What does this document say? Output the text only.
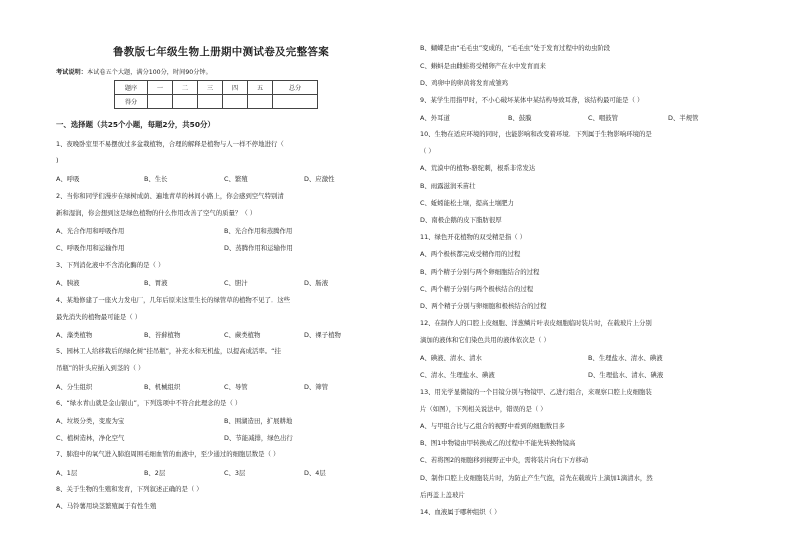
鲁教版七年级生物上册期中测试卷及完整答案
考试说明：本试卷五个大题，满分100分，时间90分钟。
题序	一	二	三	四	五	总分
得分						
一、选择题（共25个小题，每题2分，共50分）
1、夜晚卧室里不易摆放过多盆栽植物，合理的解释是植物与人一样不停地进行（
)
A、呼吸	B、生长	C、繁殖	D、应激性
2、当你和同学们漫步在绿树成荫、遍地青草的林间小路上，你会感到空气特别清
新和湿润，你会想到这是绿色植物的什么作用改善了空气的质量？（ ）
A、光合作用和呼吸作用	B、光合作用和蒸腾作用
C、呼吸作用和运输作用	D、蒸腾作用和运输作用
3、下列消化液中不含消化酶的是（ ）
A、胰液	B、胃液	C、胆汁	D、肠液
4、某地修建了一座火力发电厂，几年后原来这里生长的绿管草的植物不见了．这些
最先消失的植物最可能是（ ）
A、藻类植物	B、苔藓植物	C、蕨类植物	D、裸子植物
5、园林工人给移栽后的绿化树“挂吊瓶”，补充水和无机盐，以提高成活率。“挂
吊瓶”的针头应插入到茎的（ ）
A、分生组织	B、机械组织	C、导管	D、筛管
6、“绿水青山就是金山银山”，下列选项中不符合此理念的是（ ）
A、垃圾分类，变废为宝	B、围湖造田，扩展耕地
C、植树造林，净化空气	D、节能减排，绿色出行
7、肺泡中的氧气进入肺泡周围毛细血管的血液中，至少通过的细胞层数是（ ）
A、1层	B、2层	C、3层	D、4层
8、关于生物的生殖和发育，下列叙述正确的是（ ）
A、马铃薯用块茎繁殖属于有性生殖
B、蝴蝶是由“毛毛虫”变成的，“毛毛虫”处于发育过程中的幼虫阶段
C、蝌蚪是由雌蛙将受精卵产在水中发育而来
D、鸡卵中的卵黄将发育成雏鸡
9、某学生用指甲时，不小心破坏某体中某结构导致耳聋，该结构最可能是（ ）
A、外耳道	B、鼓膜	C、咽鼓管	D、半规管
10、生物在适应环境的同时，也能影响和改变着环境．下列属于生物影响环境的是
（ ）
A、荒漠中的植物-骆驼刺，根系非常发达
B、雨露滋润禾苗壮
C、蚯蚓能松土壤，提高土壤肥力
D、南极企鹅的皮下脂肪很厚
11、绿色开花植物的双受精是指（ ）
A、两个极核都完成受精作用的过程
B、两个精子分别与两个卵细胞结合的过程
C、两个精子分别与两个极核结合的过程
D、两个精子分别与卵细胞和极核结合的过程
12、在制作人的口腔上皮细胞、洋葱鳞片叶表皮细胞临时装片时，在载玻片上分别
滴加的液体和它们染色共用的液体依次是（ ）
A、碘液、清水、清水	B、生理盐水、清水、碘液
C、清水、生理盐水、碘液	D、生理盐水、清水、碘液
13、用光学显微镜的一个目镜分别与物镜甲、乙进行组合，来观察口腔上皮细胞装
片（如图），下列相关说法中，错误的是（ ）
A、与甲组合比与乙组合的视野中看到的细胞数目多
B、图1中物镜由甲转换成乙的过程中不能先转换物镜高
C、若将图2的细胞移到视野正中央，需将装片向右下方移动
D、制作口腔上皮细胞装片时，为防止产生气泡，首先在载玻片上滴加1滴清水，然
后再盖上盖玻片
14、血液属于哪种组织（ ）
